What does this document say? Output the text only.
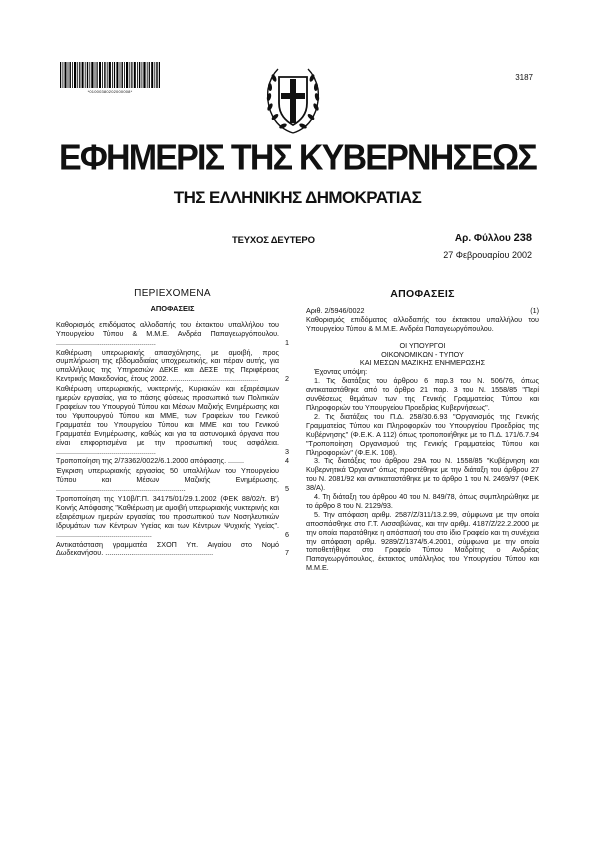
*01000380202000008*
3187
ΕΦΗΜΕΡΙΣ ΤΗΣ ΚΥΒΕΡΝΗΣΕΩΣ
ΤΗΣ ΕΛΛΗΝΙΚΗΣ ΔΗΜΟΚΡΑΤΙΑΣ
ΤΕΥΧΟΣ ΔΕΥΤΕΡΟ	Αρ. Φύλλου 238
27 Φεβρουαρίου 2002
ΠΕΡΙΕΧΟΜΕΝΑ
ΑΠΟΦΑΣΕΙΣ
Καθορισμός επιδόματος αλλοδαπής του έκτακτου υπαλλήλου του Υπουργείου Τύπου & Μ.Μ.Ε. Ανδρέα Παπαγεωργόπουλου. ..................................................	1
Καθιέρωση υπερωριακής απασχόλησης, με αμοιβή, προς συμπλήρωση της εβδομαδιαίας υποχρεωτικής, και πέραν αυτής, για υπαλλήλους της Υπηρεσιών ΔΕΚΕ και ΔΕΣΕ της Περιφέρειας Κεντρικής Μακεδονίας, έτους 2002. ............................................	2
Καθιέρωση υπερωριακής, νυκτερινής, Κυριακών και εξαιρέσιμων ημερών εργασίας, για το πάσης φύσεως προσωπικό των Πολιτικών Γραφείων του Υπουργού Τύπου και Μέσων Μαζικής Ενημέρωσης και του Υφυπουργού Τύπου και ΜΜΕ, των Γραφείων του Γενικού Γραμματέα του Υπουργείου Τύπου και ΜΜΕ και του Γενικού Γραμματέα Ενημέρωσης, καθώς και για τα αστυνομικά όργανα που είναι επιφορτισμένα με την προσωπική τους ασφάλεια. ..................................................	3
Τροποποίηση της 2/73362/0022/6.1.2000 απόφασης. ........	4
Έγκριση υπερωριακής εργασίας 50 υπαλλήλων του Υπουργείου Τύπου και Μέσων Μαζικής Ενημέρωσης. .................................................................	5
Τροποποίηση της Υ10β/Γ.Π. 34175/01/29.1.2002 (ΦΕΚ 88/02/τ. Β') Κοινής Απόφασης "Καθιέρωση με αμοιβή υπερωριακής νυκτερινής και εξαιρέσιμων ημερών εργασίας του προσωπικού των Νοσηλευτικών Ιδρυμάτων των Κέντρων Υγείας και των Κέντρων Ψυχικής Υγείας". ................................................	6
Αντικατάσταση γραμματέα ΣΧΟΠ Υπ. Αιγαίου στο Νομό Δωδεκανήσου. ......................................................	7
ΑΠΟΦΑΣΕΙΣ
Αριθ. 2/5946/0022	(1)
Καθορισμός επιδόματος αλλοδαπής του έκτακτου υπαλλήλου του Υπουργείου Τύπου & Μ.Μ.Ε. Ανδρέα Παπαγεωργόπουλου.
ΟΙ ΥΠΟΥΡΓΟΙ
ΟΙΚΟΝΟΜΙΚΩΝ - ΤΥΠΟΥ
ΚΑΙ ΜΕΣΩΝ ΜΑΖΙΚΗΣ ΕΝΗΜΕΡΩΣΗΣ
Έχοντας υπόψη:
1. Τις διατάξεις του άρθρου 6 παρ.3 του Ν. 506/76, όπως αντικαταστάθηκε από το άρθρο 21 παρ. 3 του Ν. 1558/85 "Περί συνθέσεως θεμάτων των της Γενικής Γραμματείας Τύπου και Πληροφοριών του Υπουργείου Προεδρίας Κυβερνήσεως".
2. Τις διατάξεις του Π.Δ. 258/30.6.93 "Οργανισμός της Γενικής Γραμματείας Τύπου και Πληροφοριών του Υπουργείου Προεδρίας της Κυβέρνησης" (Φ.Ε.Κ. Α 112) όπως τροποποιήθηκε με το Π.Δ. 171/6.7.94 "Τροποποίηση Οργανισμού της Γενικής Γραμματείας Τύπου και Πληροφοριών" (Φ.Ε.Κ. 108).
3. Τις διατάξεις του άρθρου 29Α του Ν. 1558/85 "Κυβέρνηση και Κυβερνητικά Όργανα" όπως προστέθηκε με την διάταξη του άρθρου 27 του Ν. 2081/92 και αντικαταστάθηκε με το άρθρο 1 του Ν. 2469/97 (ΦΕΚ 38/Α).
4. Τη διάταξη του άρθρου 40 του Ν. 849/78, όπως συμπληρώθηκε με το άρθρο 8 του Ν. 2129/93.
5. Την απόφαση αριθμ. 2587/Ζ/311/13.2.99, σύμφωνα με την οποία αποσπάσθηκε στο Γ.Τ. Λισσαβώνας, και την αριθμ. 4187/Ζ/22.2.2000 με την οποία παρατάθηκε η απόσπασή του στο ίδιο Γραφείο και τη συνέχεια την απόφαση αριθμ. 9289/Ζ/1374/5.4.2001, σύμφωνα με την οποία τοποθετήθηκε στο Γραφείο Τύπου Μαδρίτης ο Ανδρέας Παπαγεωργόπουλος, έκτακτος υπάλληλος του Υπουργείου Τύπου και Μ.Μ.Ε.
